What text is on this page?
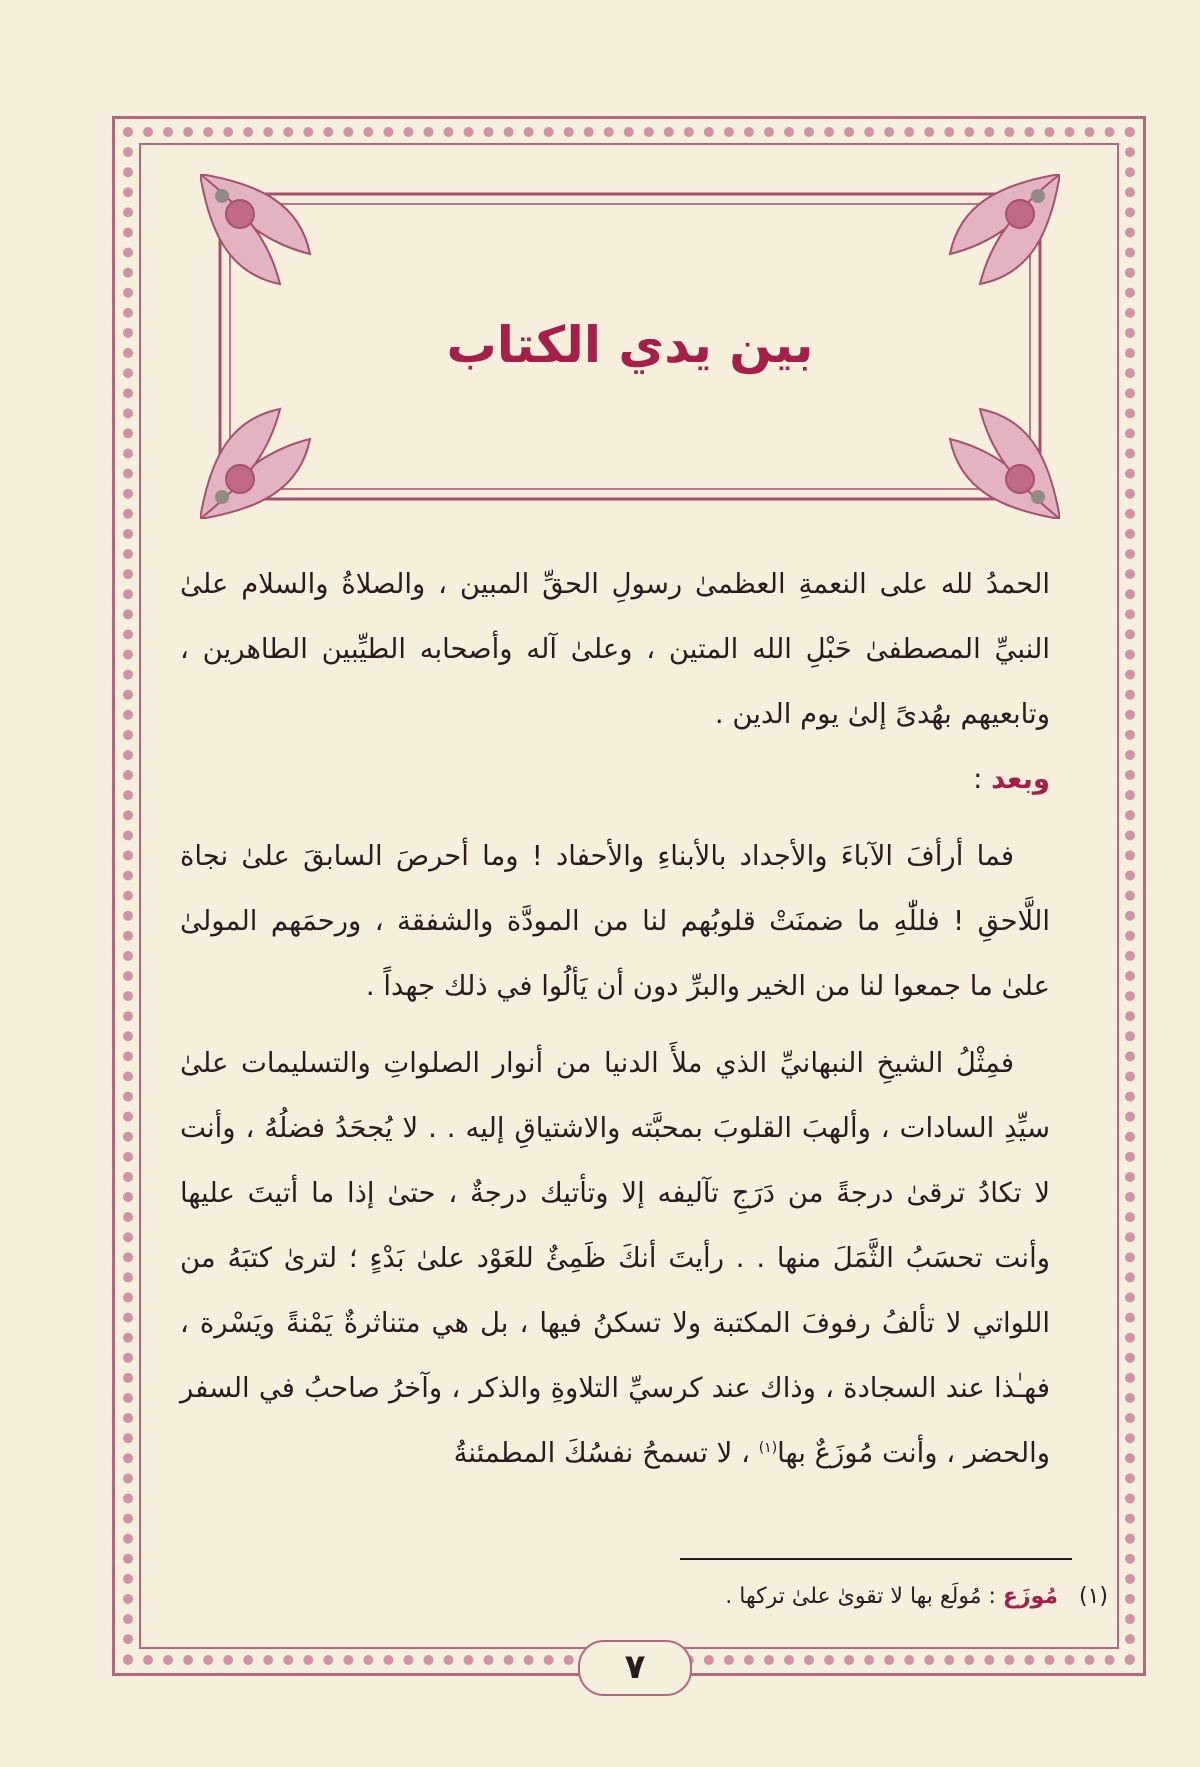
بين يدي الكتاب

الحمدُ لله على النعمةِ العظمىٰ رسولِ الحقِّ المبين ، والصلاةُ والسلام علىٰ النبيِّ المصطفىٰ حَبْلِ الله المتين ، وعلىٰ آله وأصحابه الطيِّبين الطاهرين ، وتابعيهم بهُدىً إلىٰ يوم الدين .

وبعد :

فما أرأفَ الآباءَ والأجداد بالأبناءِ والأحفاد ! وما أحرصَ السابقَ علىٰ نجاة اللَّاحقِ ! فللّٰهِ ما ضمنَتْ قلوبُهم لنا من المودَّة والشفقة ، ورحمَهم المولىٰ علىٰ ما جمعوا لنا من الخير والبرِّ دون أن يَألُوا في ذلك جهداً .

فمِثْلُ الشيخِ النبهانيِّ الذي ملأَ الدنيا من أنوار الصلواتِ والتسليمات علىٰ سيِّدِ السادات ، وألهبَ القلوبَ بمحبَّته والاشتياقِ إليه . . لا يُجحَدُ فضلُهُ ، وأنت لا تكادُ ترقىٰ درجةً من دَرَجِ تآليفه إلا وتأتيك درجةٌ ، حتىٰ إذا ما أتيتَ عليها وأنت تحسَبُ الثَّمَلَ منها . . رأيتَ أنكَ ظَمِئٌ للعَوْد علىٰ بَدْءٍ ؛ لترىٰ كتبَهُ من اللواتي لا تألفُ رفوفَ المكتبة ولا تسكنُ فيها ، بل هي متناثرةٌ يَمْنةً ويَسْرة ، فهـٰذا عند السجادة ، وذاك عند كرسيِّ التلاوةِ والذكر ، وآخرُ صاحبُ في السفر والحضر ، وأنت مُوزَعٌ بها$^{(١)}$ ، لا تسمحُ نفسُكَ المطمئنةُ

(١)   مُوزَع : مُولَع بها لا تقوىٰ علىٰ تركها .
٧
